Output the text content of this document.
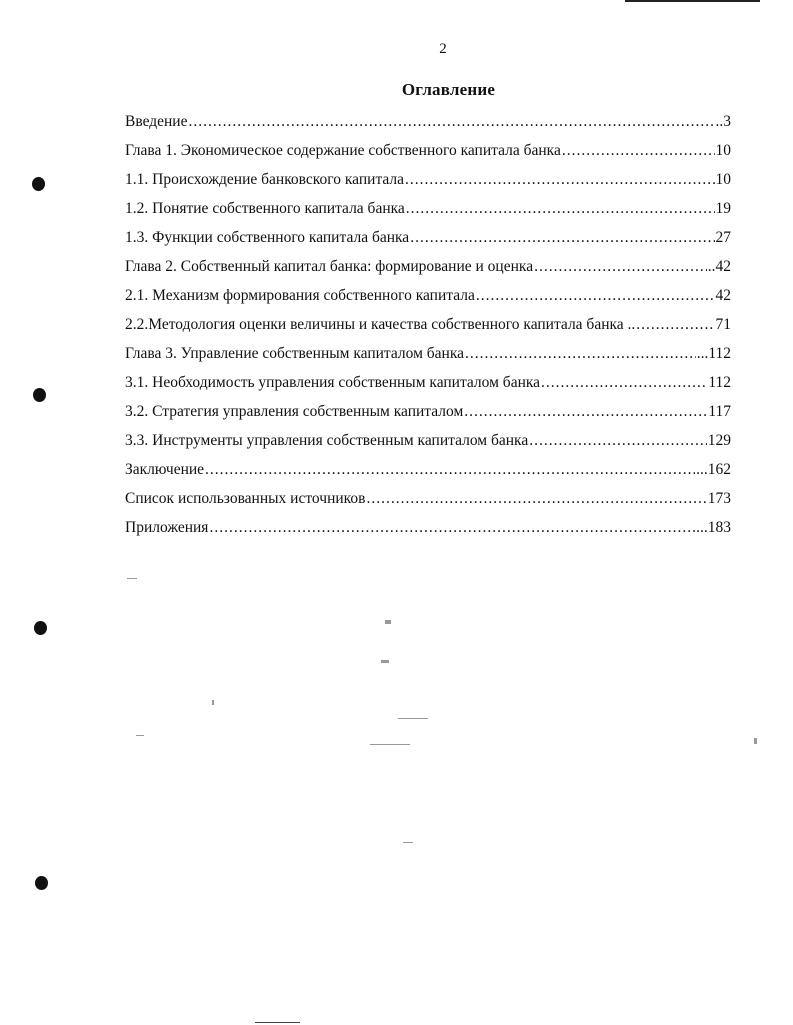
2
Оглавление
Введение .....	..3
Глава 1. Экономическое содержание собственного капитала банка .....	10
1.1. Происхождение банковского капитала .....	10
1.2. Понятие собственного капитала банка .....	19
1.3. Функции собственного капитала банка .....	27
Глава 2. Собственный капитал банка: формирование и оценка .....	..42
2.1. Механизм формирования собственного капитала .....	42
2.2.Методология оценки величины и качества собственного капитала банка .. .....	71
Глава 3. Управление собственным капиталом банка .....	...112
3.1. Необходимость управления собственным капиталом банка .....	112
3.2. Стратегия управления собственным капиталом .....	117
3.3. Инструменты управления собственным капиталом банка .....	129
Заключение .....	...162
Список использованных источников .....	173
Приложения .....	...183
